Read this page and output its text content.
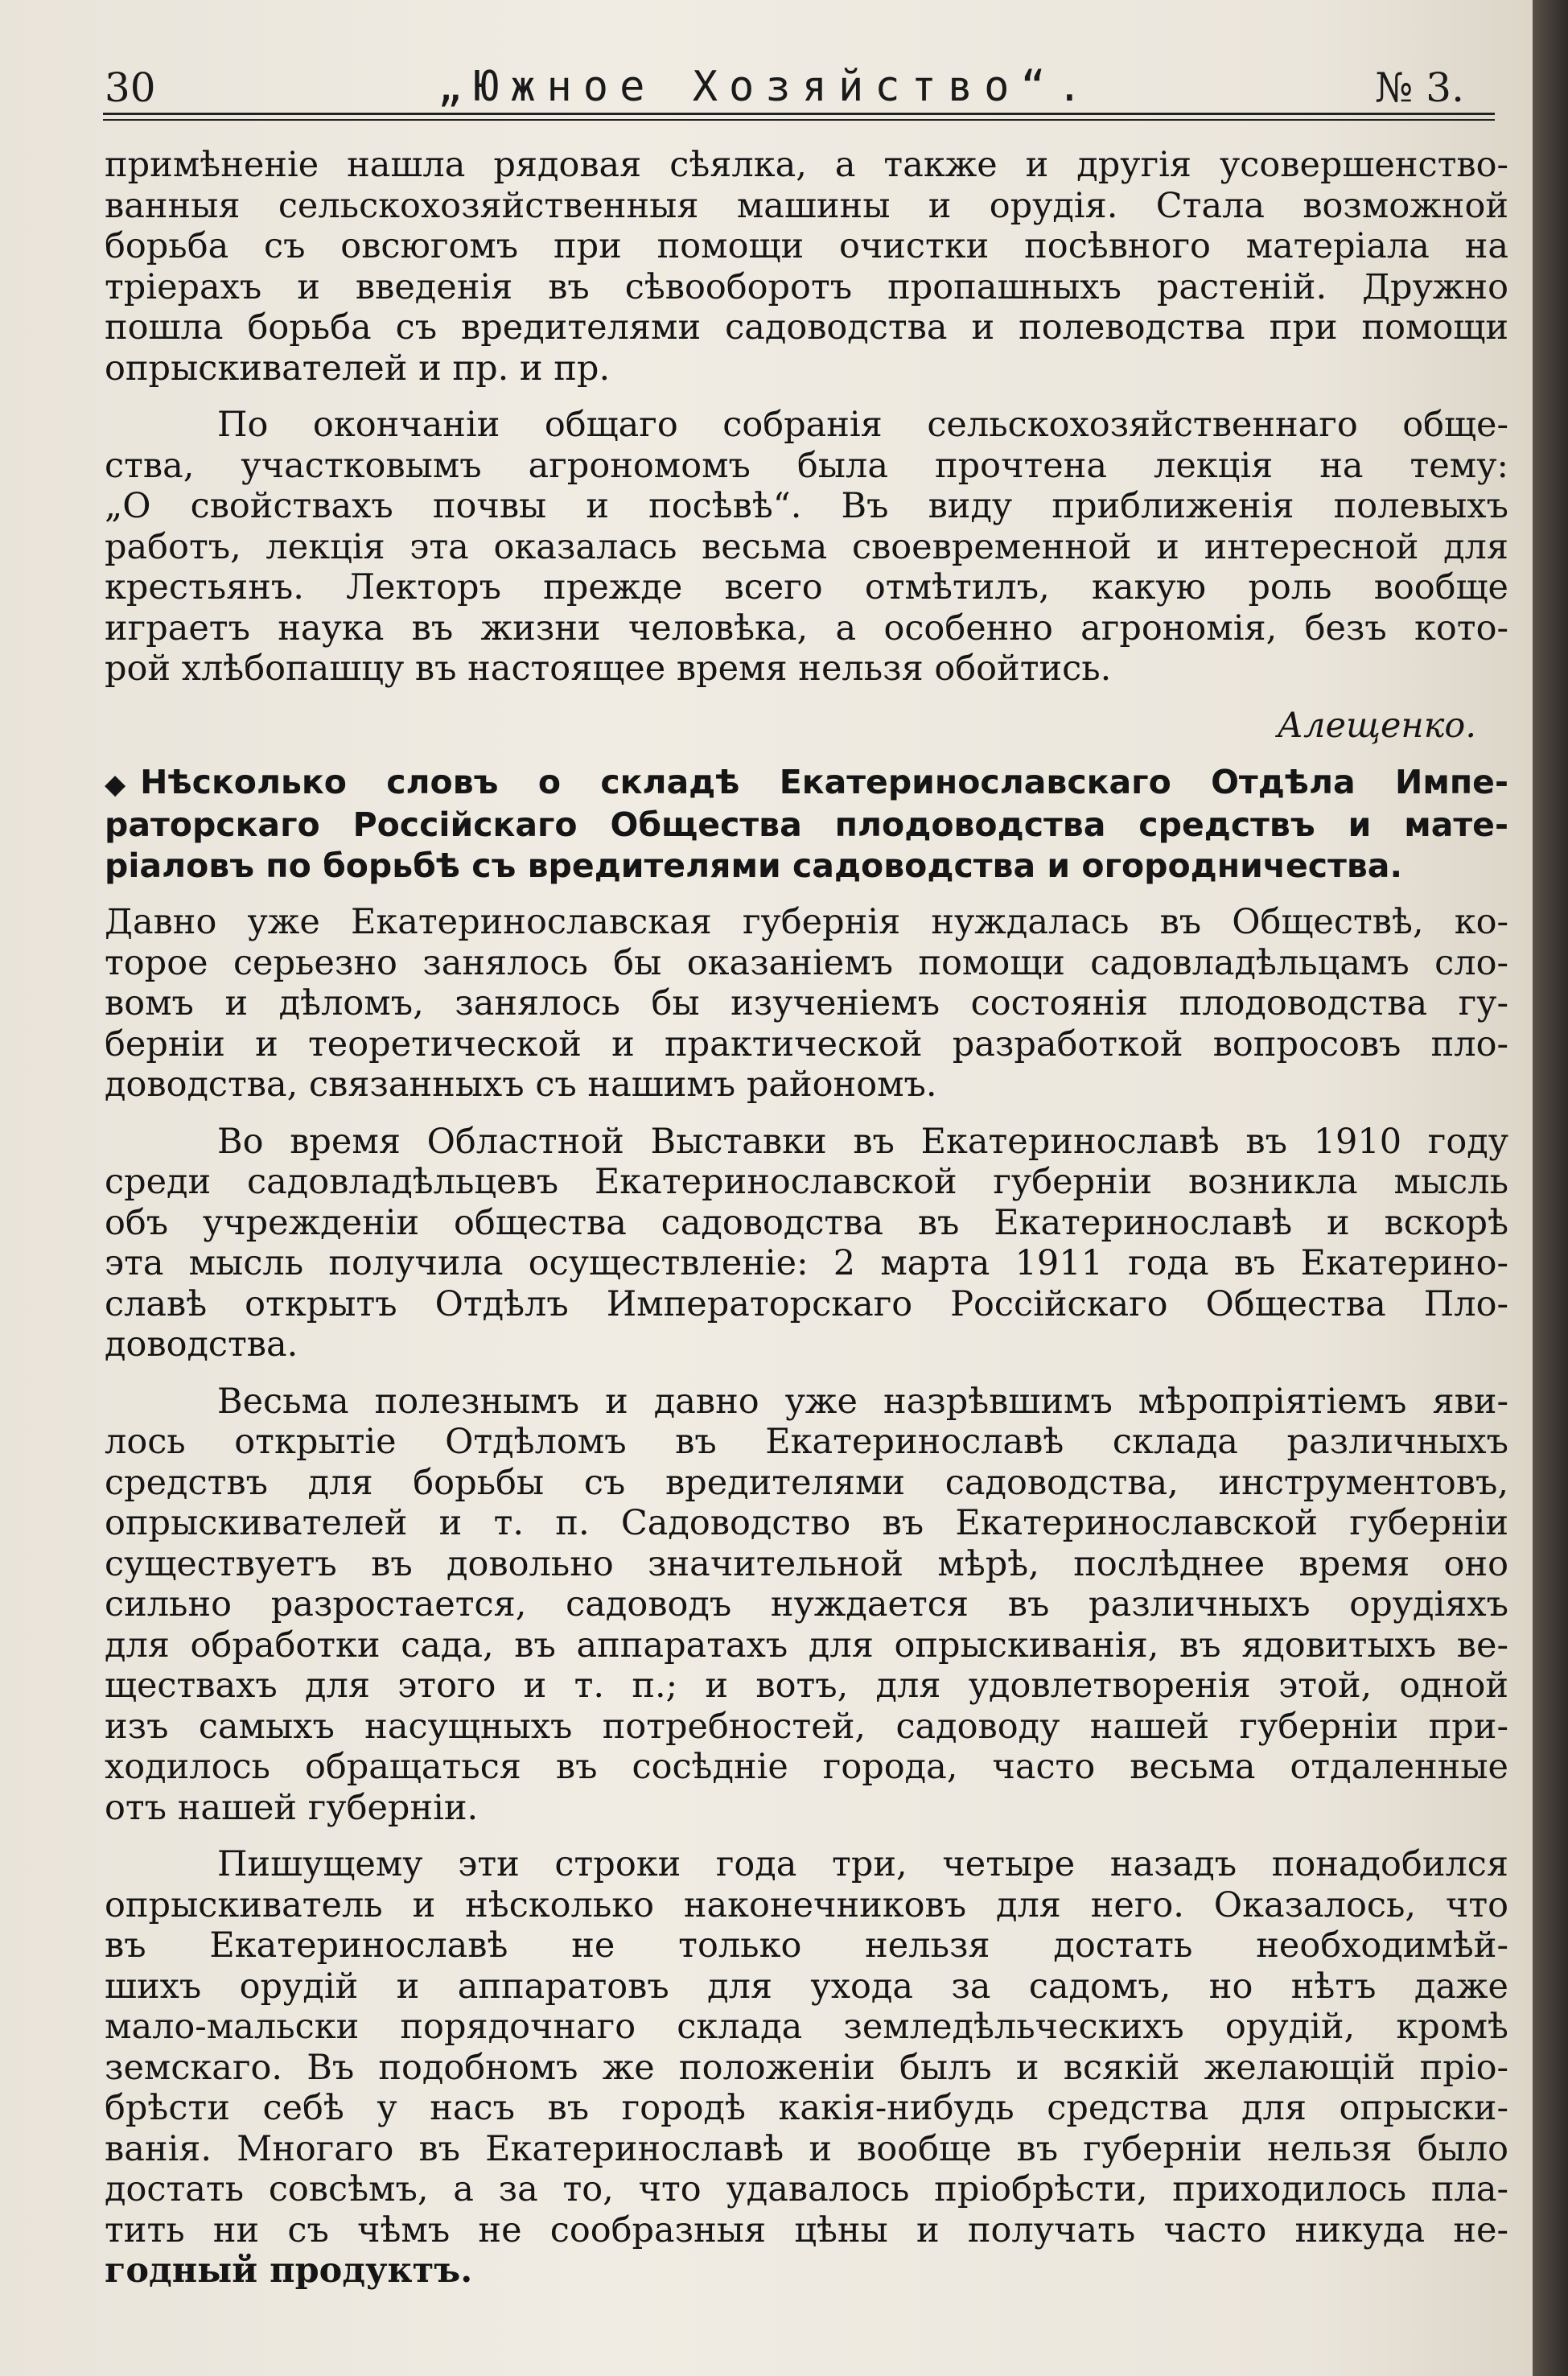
30	„Южное Хозяйство“.	№ 3.

примѣненіе нашла рядовая сѣялка, а также и другія усовершенство-
ванныя сельскохозяйственныя машины и орудія. Стала возможной
борьба съ овсюгомъ при помощи очистки посѣвного матеріала на
тріерахъ и введенія въ сѣвооборотъ пропашныхъ растеній. Дружно
пошла борьба съ вредителями садоводства и полеводства при помощи
опрыскивателей и пр. и пр.

По окончаніи общаго собранія сельскохозяйственнаго обще-
ства, участковымъ агрономомъ была прочтена лекція на тему:
„О свойствахъ почвы и посѣвѣ“. Въ виду приближенія полевыхъ
работъ, лекція эта оказалась весьма своевременной и интересной для
крестьянъ. Лекторъ прежде всего отмѣтилъ, какую роль вообще
играетъ наука въ жизни человѣка, а особенно агрономія, безъ кото-
рой хлѣбопашцу въ настоящее время нельзя обойтись.

Алещенко.

◆ Нѣсколько словъ о складѣ Екатеринославскаго Отдѣла Импе-
раторскаго Россійскаго Общества плодоводства средствъ и мате-
ріаловъ по борьбѣ съ вредителями садоводства и огородничества.

Давно уже Екатеринославская губернія нуждалась въ Обществѣ, ко-
торое серьезно занялось бы оказаніемъ помощи садовладѣльцамъ сло-
вомъ и дѣломъ, занялось бы изученіемъ состоянія плодоводства гу-
берніи и теоретической и практической разработкой вопросовъ пло-
доводства, связанныхъ съ нашимъ райономъ.

Во время Областной Выставки въ Екатеринославѣ въ 1910 году
среди садовладѣльцевъ Екатеринославской губерніи возникла мысль
объ учрежденіи общества садоводства въ Екатеринославѣ и вскорѣ
эта мысль получила осуществленіе: 2 марта 1911 года въ Екатерино-
славѣ открытъ Отдѣлъ Императорскаго Россійскаго Общества Пло-
доводства.

Весьма полезнымъ и давно уже назрѣвшимъ мѣропріятіемъ яви-
лось открытіе Отдѣломъ въ Екатеринославѣ склада различныхъ
средствъ для борьбы съ вредителями садоводства, инструментовъ,
опрыскивателей и т. п. Садоводство въ Екатеринославской губерніи
существуетъ въ довольно значительной мѣрѣ, послѣднее время оно
сильно разростается, садоводъ нуждается въ различныхъ орудіяхъ
для обработки сада, въ аппаратахъ для опрыскиванія, въ ядовитыхъ ве-
ществахъ для этого и т. п.; и вотъ, для удовлетворенія этой, одной
изъ самыхъ насущныхъ потребностей, садоводу нашей губерніи при-
ходилось обращаться въ сосѣдніе города, часто весьма отдаленные
отъ нашей губерніи.

Пишущему эти строки года три, четыре назадъ понадобился
опрыскиватель и нѣсколько наконечниковъ для него. Оказалось, что
въ Екатеринославѣ не только нельзя достать необходимѣй-
шихъ орудій и аппаратовъ для ухода за садомъ, но нѣтъ даже
мало-мальски порядочнаго склада земледѣльческихъ орудій, кромѣ
земскаго. Въ подобномъ же положеніи былъ и всякій желающій пріо-
брѣсти себѣ у насъ въ городѣ какія-нибудь средства для опрыски-
ванія. Многаго въ Екатеринославѣ и вообще въ губерніи нельзя было
достать совсѣмъ, а за то, что удавалось пріобрѣсти, приходилось пла-
тить ни съ чѣмъ не сообразныя цѣны и получать часто никуда не-
годный продуктъ.
